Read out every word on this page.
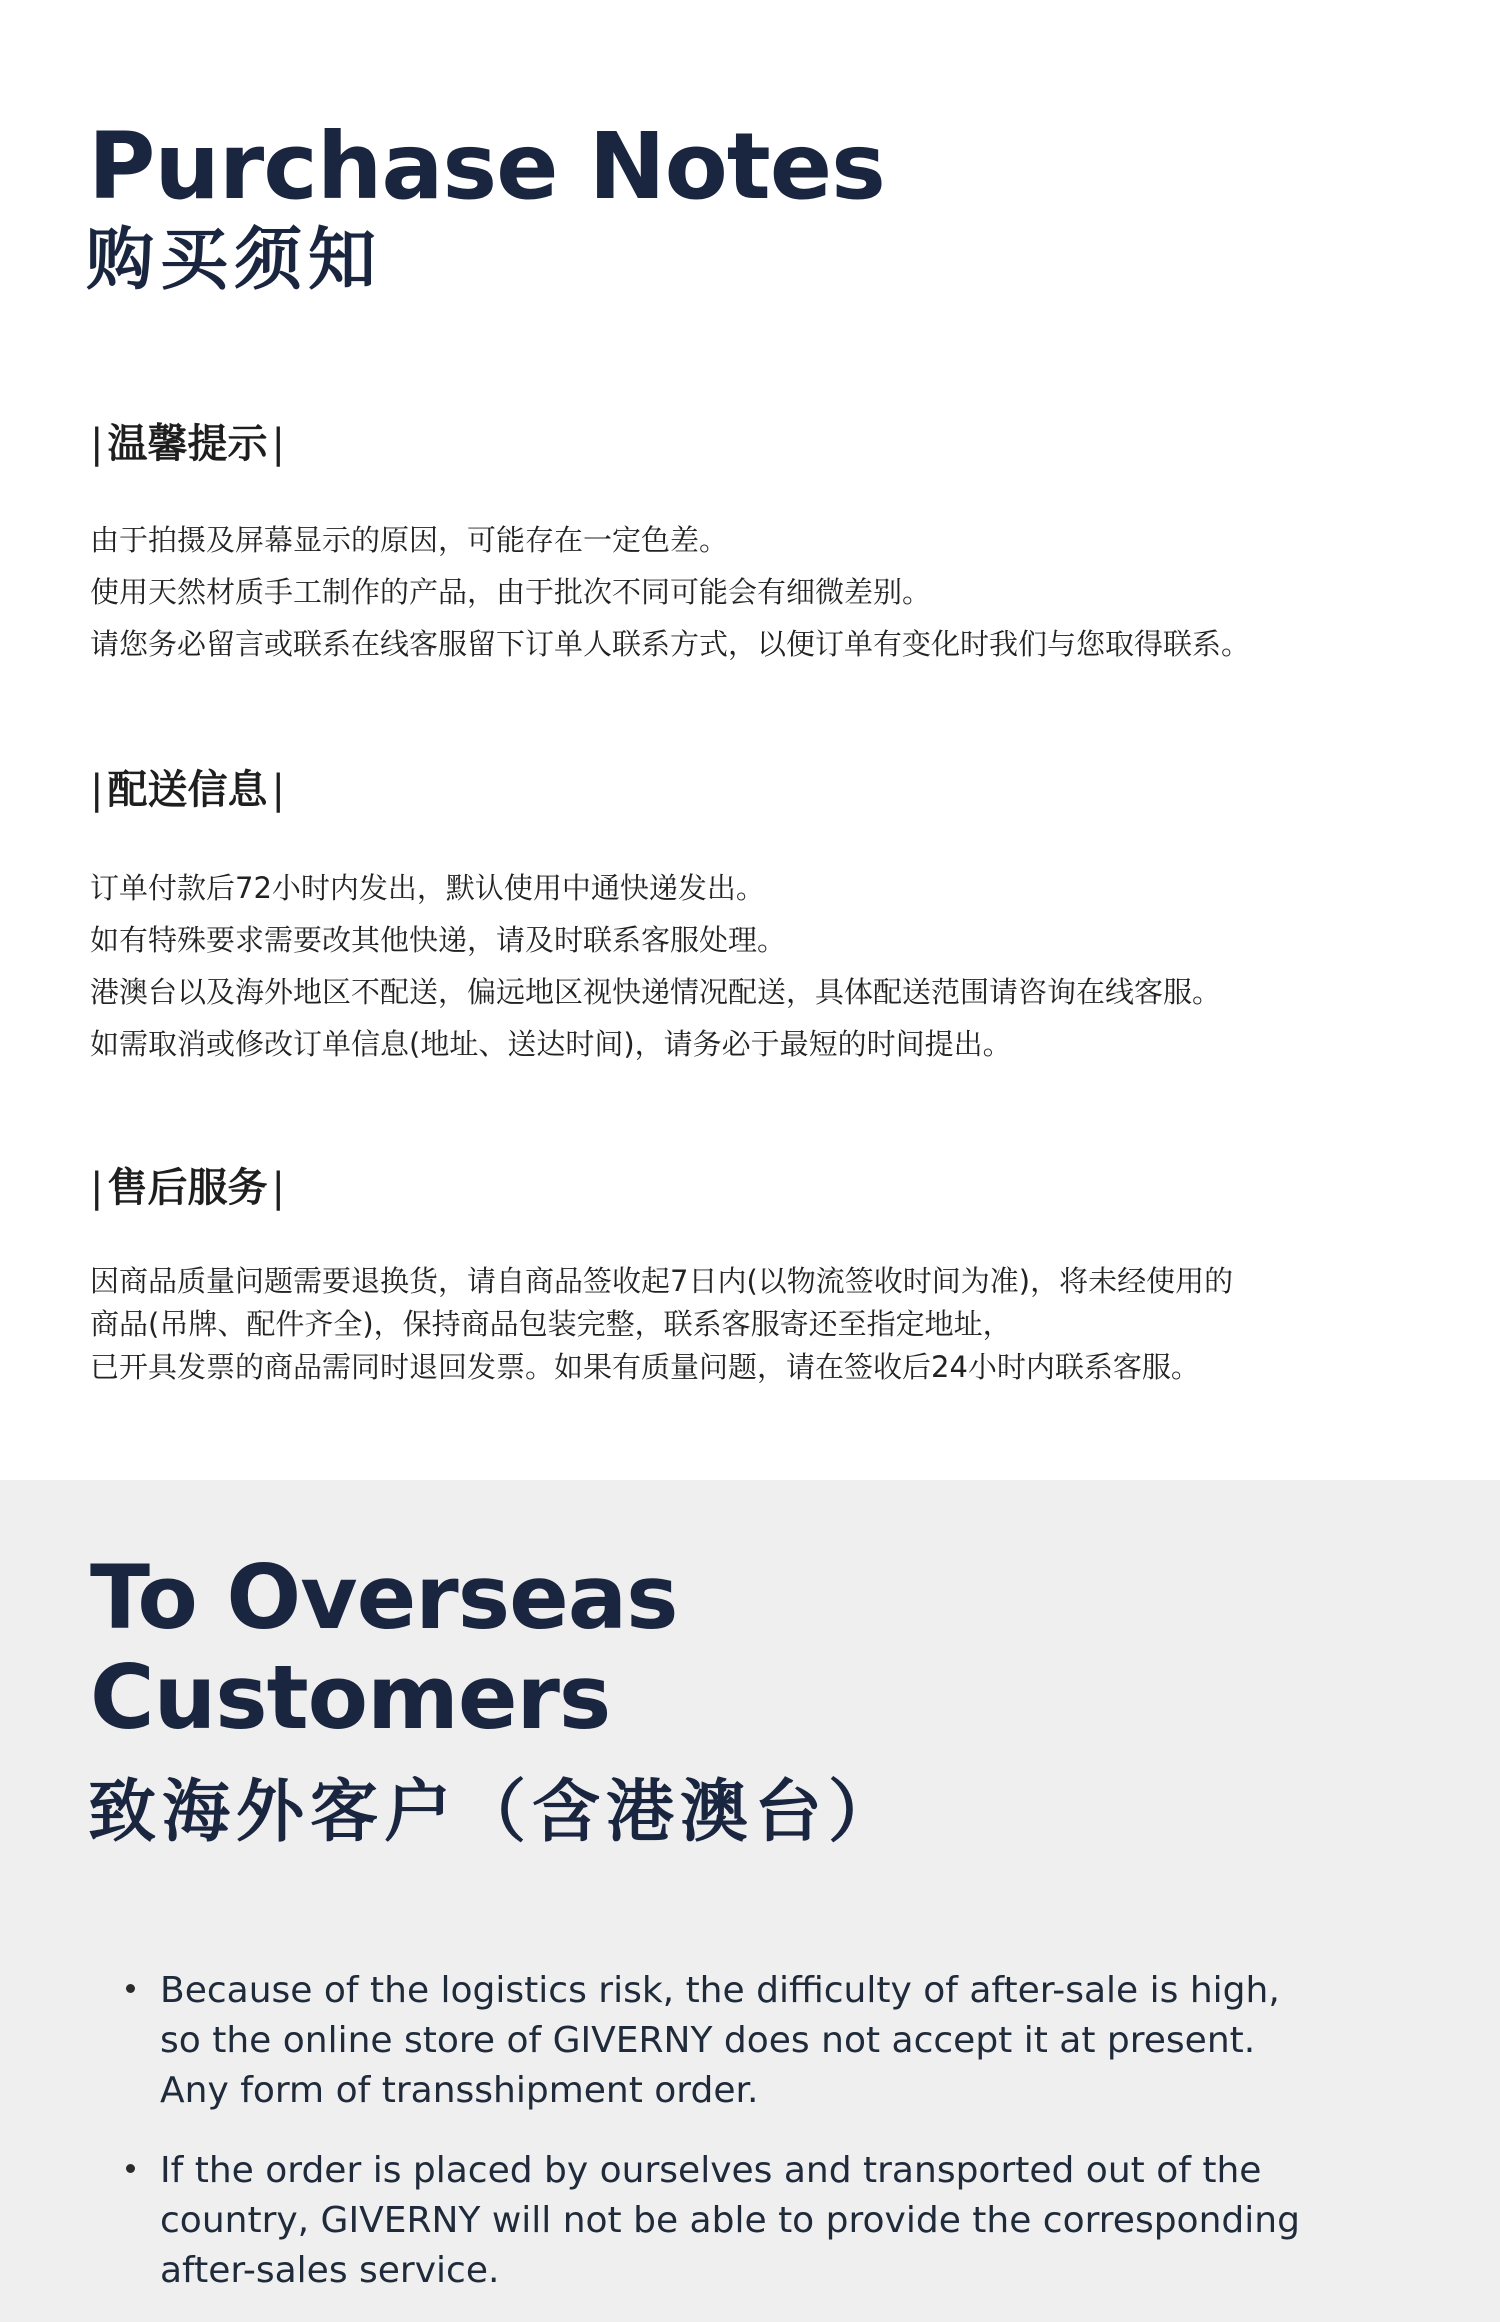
Purchase Notes
购买须知
| 温馨提示 |
由于拍摄及屏幕显示的原因，可能存在一定色差。
使用天然材质手工制作的产品，由于批次不同可能会有细微差别。
请您务必留言或联系在线客服留下订单人联系方式，以便订单有变化时我们与您取得联系。
| 配送信息 |
订单付款后72小时内发出，默认使用中通快递发出。
如有特殊要求需要改其他快递，请及时联系客服处理。
港澳台以及海外地区不配送，偏远地区视快递情况配送，具体配送范围请咨询在线客服。
如需取消或修改订单信息(地址、送达时间)，请务必于最短的时间提出。
| 售后服务 |
因商品质量问题需要退换货，请自商品签收起7日内(以物流签收时间为准)，将未经使用的
商品(吊牌、配件齐全)，保持商品包装完整，联系客服寄还至指定地址，
已开具发票的商品需同时退回发票。如果有质量问题，请在签收后24小时内联系客服。
To Overseas
Customers
致海外客户（含港澳台）
Because of the logistics risk, the difficulty of after-sale is high,
so the online store of GIVERNY does not accept it at present.
Any form of transshipment order.
If the order is placed by ourselves and transported out of the
country, GIVERNY will not be able to provide the corresponding
after-sales service.
